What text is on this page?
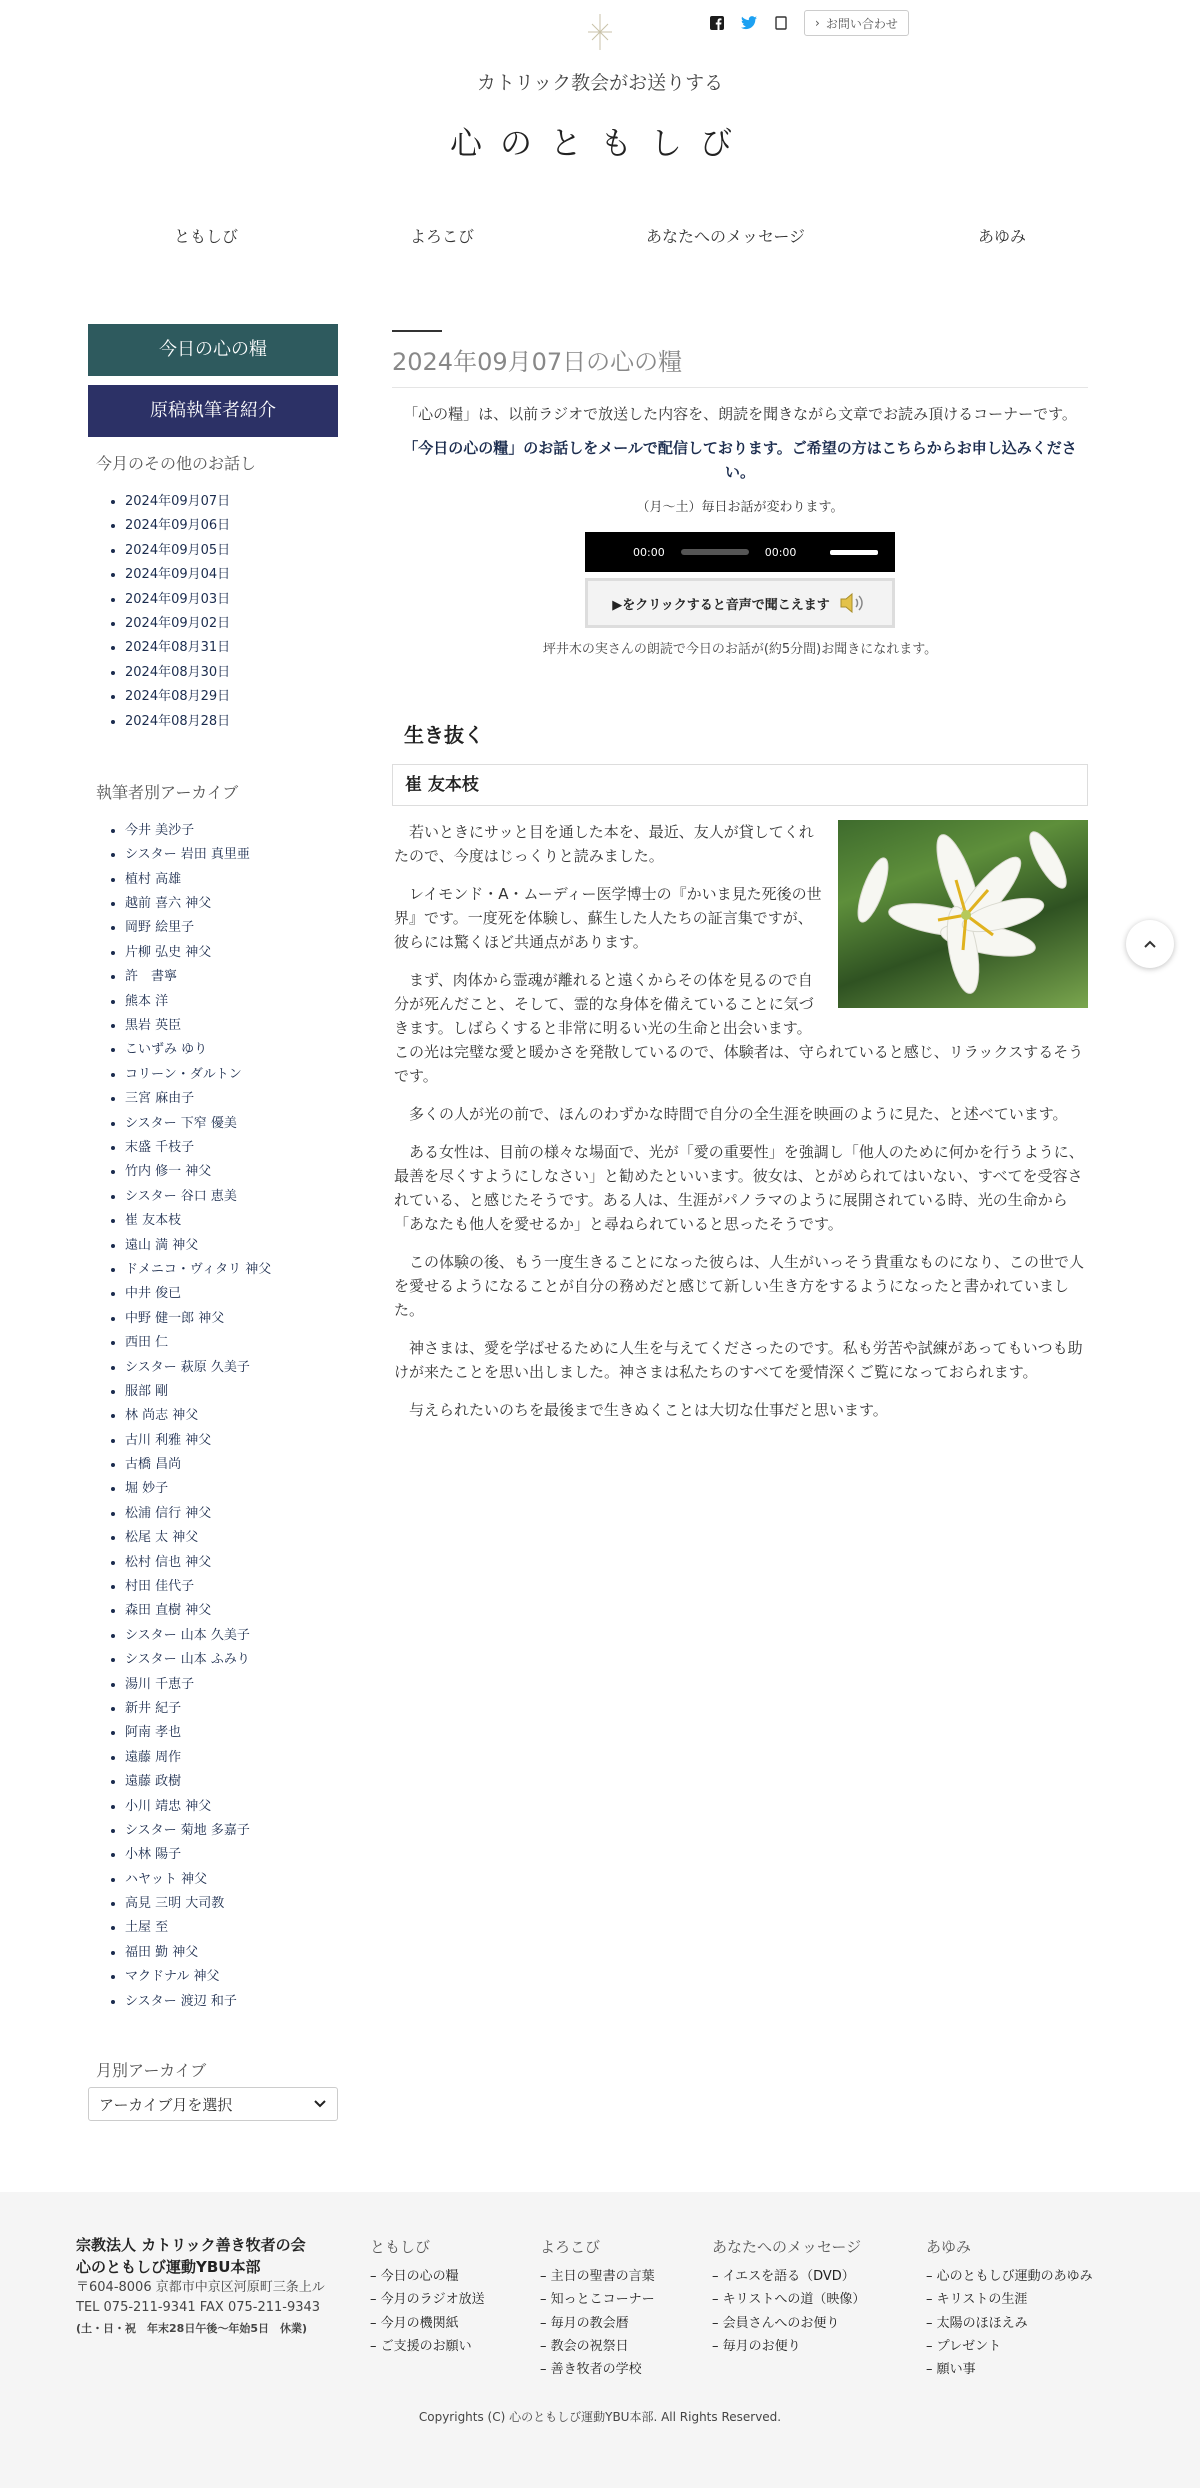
› お問い合わせ
カトリック教会がお送りする
心のともしび
ともしび	よろこび	あなたへのメッセージ	あゆみ
今日の心の糧
原稿執筆者紹介
今月のその他のお話し
• 2024年09月07日
• 2024年09月06日
• 2024年09月05日
• 2024年09月04日
• 2024年09月03日
• 2024年09月02日
• 2024年08月31日
• 2024年08月30日
• 2024年08月29日
• 2024年08月28日
執筆者別アーカイブ
• 今井 美沙子
• シスター 岩田 真里亜
• 植村 高雄
• 越前 喜六 神父
• 岡野 絵里子
• 片柳 弘史 神父
• 許　書寧
• 熊本 洋
• 黒岩 英臣
• こいずみ ゆり
• コリーン・ダルトン
• 三宮 麻由子
• シスター 下窄 優美
• 末盛 千枝子
• 竹内 修一 神父
• シスター 谷口 恵美
• 崔 友本枝
• 遠山 満 神父
• ドメニコ・ヴィタリ 神父
• 中井 俊已
• 中野 健一郎 神父
• 西田 仁
• シスター 萩原 久美子
• 服部 剛
• 林 尚志 神父
• 古川 利雅 神父
• 古橋 昌尚
• 堀 妙子
• 松浦 信行 神父
• 松尾 太 神父
• 松村 信也 神父
• 村田 佳代子
• 森田 直樹 神父
• シスター 山本 久美子
• シスター 山本 ふみり
• 湯川 千恵子
• 新井 紀子
• 阿南 孝也
• 遠藤 周作
• 遠藤 政樹
• 小川 靖忠 神父
• シスター 菊地 多嘉子
• 小林 陽子
• ハヤット 神父
• 高見 三明 大司教
• 土屋 至
• 福田 勤 神父
• マクドナル 神父
• シスター 渡辺 和子
月別アーカイブ
アーカイブ月を選択
2024年09月07日の心の糧

「心の糧」は、以前ラジオで放送した内容を、朗読を聞きながら文章でお読み頂けるコーナーです。

「今日の心の糧」のお話しをメールで配信しております。ご希望の方はこちらからお申し込みください。

（月〜土）毎日お話が変わります。

00:00	00:00
▶をクリックすると音声で聞こえます

坪井木の実さんの朗読で今日のお話が(約5分間)お聞きになれます。

生き抜く
崔 友本枝

若いときにサッと目を通した本を、最近、友人が貸してくれたので、今度はじっくりと読みました。

レイモンド・A・ムーディー医学博士の『かいま見た死後の世界』です。一度死を体験し、蘇生した人たちの証言集ですが、彼らには驚くほど共通点があります。

まず、肉体から霊魂が離れると遠くからその体を見るので自分が死んだこと、そして、霊的な身体を備えていることに気づきます。しばらくすると非常に明るい光の生命と出会います。この光は完璧な愛と暖かさを発散しているので、体験者は、守られていると感じ、リラックスするそうです。

多くの人が光の前で、ほんのわずかな時間で自分の全生涯を映画のように見た、と述べています。

ある女性は、目前の様々な場面で、光が「愛の重要性」を強調し「他人のために何かを行うように、最善を尽くすようにしなさい」と勧めたといいます。彼女は、とがめられてはいない、すべてを受容されている、と感じたそうです。ある人は、生涯がパノラマのように展開されている時、光の生命から「あなたも他人を愛せるか」と尋ねられていると思ったそうです。

この体験の後、もう一度生きることになった彼らは、人生がいっそう貴重なものになり、この世で人を愛せるようになることが自分の務めだと感じて新しい生き方をするようになったと書かれていました。

神さまは、愛を学ばせるために人生を与えてくださったのです。私も労苦や試練があってもいつも助けが来たことを思い出しました。神さまは私たちのすべてを愛情深くご覧になっておられます。

与えられたいのちを最後まで生きぬくことは大切な仕事だと思います。

宗教法人 カトリック善き牧者の会
心のともしび運動YBU本部
〒604-8006 京都市中京区河原町三条上ル
TEL 075-211-9341 FAX 075-211-9343
(土・日・祝　年末28日午後〜年始5日　休業)
ともしび
– 今日の心の糧
– 今月のラジオ放送
– 今月の機関紙
– ご支援のお願い
よろこび
– 主日の聖書の言葉
– 知っとこコーナー
– 毎月の教会暦
– 教会の祝祭日
– 善き牧者の学校
あなたへのメッセージ
– イエスを語る（DVD）
– キリストへの道（映像）
– 会員さんへのお便り
– 毎月のお便り
あゆみ
– 心のともしび運動のあゆみ
– キリストの生涯
– 太陽のほほえみ
– プレゼント
– 願い事
Copyrights (C) 心のともしび運動YBU本部. All Rights Reserved.
